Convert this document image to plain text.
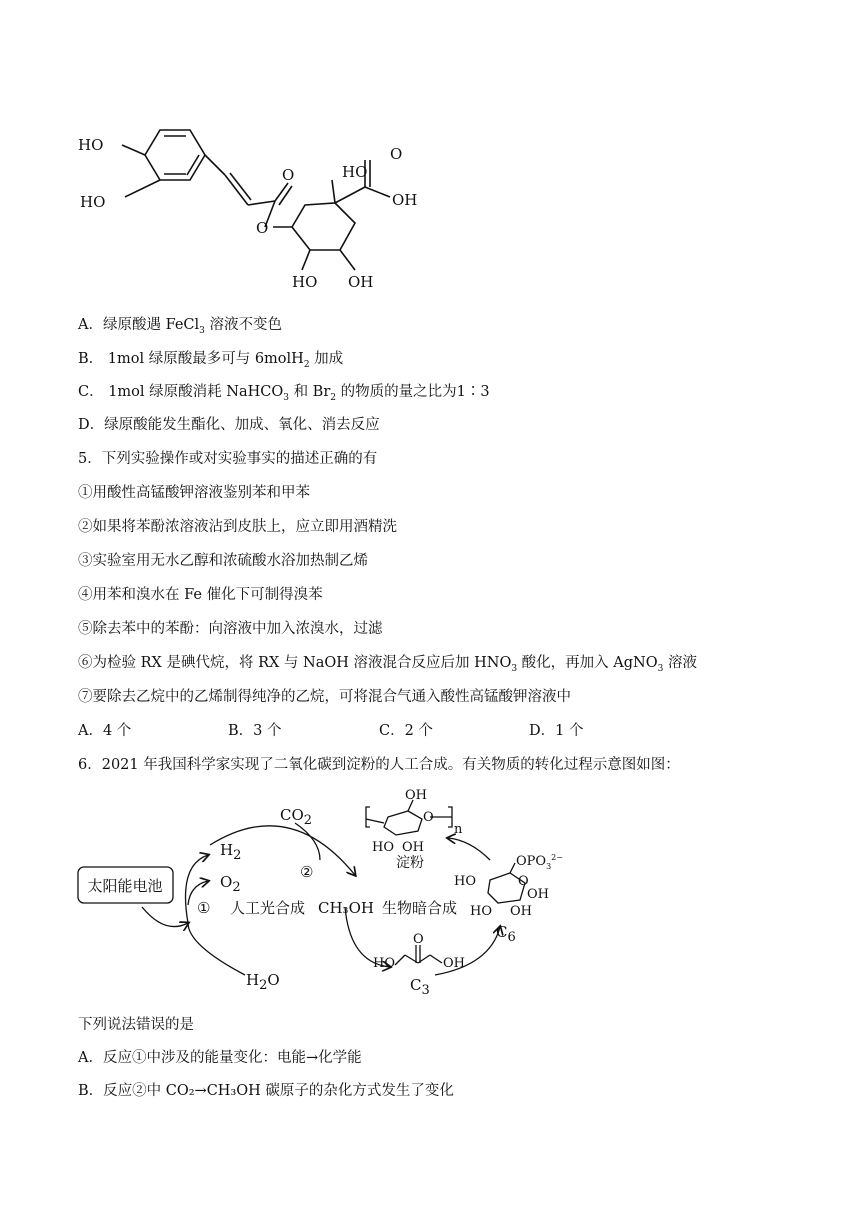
HO
HO
O
O
HO
O
OH
HO OH
A．绿原酸遇 FeCl$_3$ 溶液不变色
B． 1mol 绿原酸最多可与 6molH$_2$ 加成
C． 1mol 绿原酸消耗 NaHCO$_3$ 和 $Br_2$ 的物质的量之比为1∶3
D．绿原酸能发生酯化、加成、氧化、消去反应
5．下列实验操作或对实验事实的描述正确的有
①用酸性高锰酸钾溶液鉴别苯和甲苯
②如果将苯酚浓溶液沾到皮肤上，应立即用酒精洗
③实验室用无水乙醇和浓硫酸水浴加热制乙烯
④用苯和溴水在 Fe 催化下可制得溴苯
⑤除去苯中的苯酚：向溶液中加入浓溴水，过滤
⑥为检验 RX 是碘代烷，将 RX 与 NaOH 溶液混合反应后加 $HNO_3$ 酸化，再加入 AgNO$_3$ 溶液
⑦要除去乙烷中的乙烯制得纯净的乙烷，可将混合气通入酸性高锰酸钾溶液中
A．4 个	B．3 个	C．2 个	D．1 个
6．2021 年我国科学家实现了二氧化碳到淀粉的人工合成。有关物质的转化过程示意图如图：
太阳能电池
H2
O2
H2O
CO2
①
②
人工光合成 CH₃OH 生物暗合成
O
HO	OH
C3
$OPO_3^{2-}$
HO
OH
HO OH
O
C6
OH
O
HO OH
n
淀粉
下列说法错误的是
A．反应①中涉及的能量变化：电能→化学能
B．反应②中 CO₂→CH₃OH 碳原子的杂化方式发生了变化
